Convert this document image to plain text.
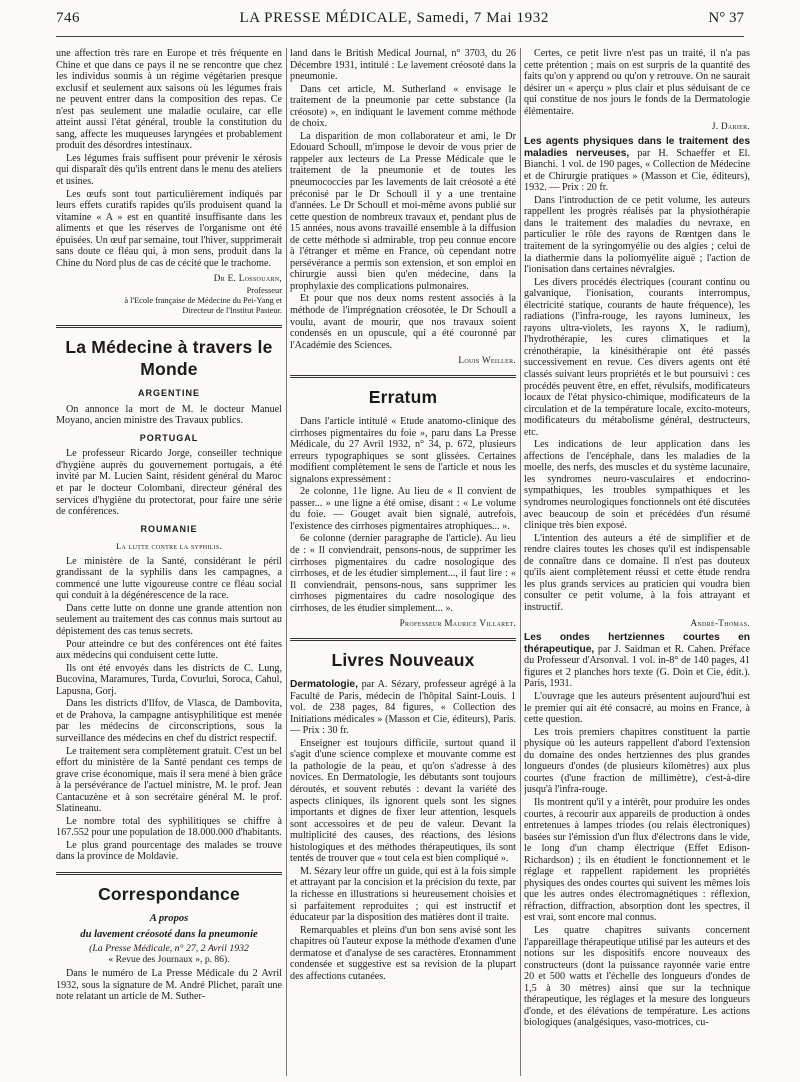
746	LA PRESSE MÉDICALE, Samedi, 7 Mai 1932	N° 37

une affection très rare en Europe et très fréquente en Chine et que dans ce pays il ne se rencontre que chez les individus soumis à un régime végétarien presque exclusif et seulement aux saisons où les légumes frais ne peuvent entrer dans la composition des repas. Ce n'est pas seulement une maladie oculaire, car elle atteint aussi l'état général, trouble la constitution du sang, affecte les muqueuses laryngées et probablement produit des désordres intestinaux.

Les légumes frais suffisent pour prévenir le xérosis qui disparaît dès qu'ils entrent dans le menu des ateliers et usines.

Les œufs sont tout particulièrement indiqués par leurs effets curatifs rapides qu'ils produisent quand la vitamine « A » est en quantité insuffisante dans les aliments et que les réserves de l'organisme ont été épuisées. Un œuf par semaine, tout l'hiver, supprimerait sans doute ce fléau qui, à mon sens, produit dans la Chine du Nord plus de cas de cécité que le trachome.

Dr E. Lossouarn,
Professeur
à l'Ecole française de Médecine du Pei-Yang et
Directeur de l'Institut Pasteur.
La Médecine à travers le Monde
ARGENTINE

On annonce la mort de M. le docteur Manuel Moyano, ancien ministre des Travaux publics.

PORTUGAL

Le professeur Ricardo Jorge, conseiller technique d'hygiène auprès du gouvernement portugais, a été invité par M. Lucien Saint, résident général du Maroc et par le docteur Colombani, directeur général des services d'hygiène du protectorat, pour faire une série de conférences.

ROUMANIE
La lutte contre la syphilis.

Le ministère de la Santé, considérant le péril grandissant de la syphilis dans les campagnes, a commencé une lutte vigoureuse contre ce fléau social qui conduit à la dégénérescence de la race.

Dans cette lutte on donne une grande attention non seulement au traitement des cas connus mais surtout au dépistement des cas tenus secrets.

Pour atteindre ce but des conférences ont été faites aux médecins qui conduisent cette lutte.

Ils ont été envoyés dans les districts de C. Lung, Bucovina, Maramures, Turda, Covurlui, Soroca, Cahul, Lapusna, Gorj.

Dans les districts d'Ilfov, de Vlasca, de Dambovita, et de Prahova, la campagne antisyphilitique est menée par les médecins de circonscriptions, sous la surveillance des médecins en chef du district respectif.

Le traitement sera complètement gratuit. C'est un bel effort du ministère de la Santé pendant ces temps de grave crise économique, mais il sera mené à bien grâce à la persévérance de l'actuel ministre, M. le prof. Jean Cantacuzène et à son secrétaire général M. le prof. Slatineanu.

Le nombre total des syphilitiques se chiffre à 167.552 pour une population de 18.000.000 d'habitants.

Le plus grand pourcentage des malades se trouve dans la province de Moldavie.

Correspondance
A propos
du lavement créosoté dans la pneumonie
(La Presse Médicale, n° 27, 2 Avril 1932
« Revue des Journaux », p. 86).

Dans le numéro de La Presse Médicale du 2 Avril 1932, sous la signature de M. André Plichet, paraît une note relatant un article de M. Suther-

land dans le British Medical Journal, n° 3703, du 26 Décembre 1931, intitulé : Le lavement créosoté dans la pneumonie.

Dans cet article, M. Sutherland « envisage le traitement de la pneumonie par cette substance (la créosote) », en indiquant le lavement comme méthode de choix.

La disparition de mon collaborateur et ami, le Dr Edouard Schoull, m'impose le devoir de vous prier de rappeler aux lecteurs de La Presse Médicale que le traitement de la pneumonie et de toutes les pneumococcies par les lavements de lait créosoté a été préconisé par le Dr Schoull il y a une trentaine d'années. Le Dr Schoull et moi-même avons publié sur cette question de nombreux travaux et, pendant plus de 15 années, nous avons travaillé ensemble à la diffusion de cette méthode si admirable, trop peu connue encore à l'étranger et même en France, où cependant notre persévérance a permis son extension, et son emploi en chirurgie aussi bien qu'en médecine, dans la prophylaxie des complications pulmonaires.

Et pour que nos deux noms restent associés à la méthode de l'imprégnation créosotée, le Dr Schoull a voulu, avant de mourir, que nos travaux soient condensés en un opuscule, qui a été couronné par l'Académie des Sciences.

Louis Weiller.
Erratum

Dans l'article intitulé « Etude anatomo-clinique des cirrhoses pigmentaires du foie », paru dans La Presse Médicale, du 27 Avril 1932, n° 34, p. 672, plusieurs erreurs typographiques se sont glissées. Certaines modifient complètement le sens de l'article et nous les signalons expressément :

2e colonne, 11e ligne. Au lieu de « Il convient de passer... » une ligne a été omise, disant : « Le volume du foie. — Gouget avait bien signalé, autrefois, l'existence des cirrhoses pigmentaires atrophiques... ».

6e colonne (dernier paragraphe de l'article). Au lieu de : « Il conviendrait, pensons-nous, de supprimer les cirrhoses pigmentaires du cadre nosologique des cirrhoses, et de les étudier simplement..., il faut lire : « Il conviendrait, pensons-nous, sans supprimer les cirrhoses pigmentaires du cadre nosologique des cirrhoses, de les étudier simplement... ».

Professeur Maurice Villaret.
Livres Nouveaux

Dermatologie, par A. Sézary, professeur agrégé à la Faculté de Paris, médecin de l'hôpital Saint-Louis. 1 vol. de 238 pages, 84 figures, « Collection des Initiations médicales » (Masson et Cie, éditeurs), Paris. — Prix : 30 fr.

Enseigner est toujours difficile, surtout quand il s'agit d'une science complexe et mouvante comme est la pathologie de la peau, et qu'on s'adresse à des novices. En Dermatologie, les débutants sont toujours déroutés, et souvent rebutés : devant la variété des aspects cliniques, ils ignorent quels sont les signes importants et dignes de fixer leur attention, lesquels sont accessoires et de peu de valeur. Devant la multiplicité des causes, des réactions, des lésions histologiques et des méthodes thérapeutiques, ils sont tentés de trouver que « tout cela est bien compliqué ».

M. Sézary leur offre un guide, qui est à la fois simple et attrayant par la concision et la précision du texte, par la richesse en illustrations si heureusement choisies et si parfaitement reproduites ; qui est instructif et éducateur par la disposition des matières dont il traite.

Remarquables et pleins d'un bon sens avisé sont les chapitres où l'auteur expose la méthode d'examen d'une dermatose et d'analyse de ses caractères. Etonnamment condensée et suggestive est sa revision de la plupart des affections cutanées.

Certes, ce petit livre n'est pas un traité, il n'a pas cette prétention ; mais on est surpris de la quantité des faits qu'on y apprend ou qu'on y retrouve. On ne saurait désirer un « aperçu » plus clair et plus séduisant de ce qui constitue de nos jours le fonds de la Dermatologie élémentaire.

J. Darier.

Les agents physiques dans le traitement des maladies nerveuses, par H. Schaeffer et El. Bianchi. 1 vol. de 190 pages, « Collection de Médecine et de Chirurgie pratiques » (Masson et Cie, éditeurs), 1932. — Prix : 20 fr.

Dans l'introduction de ce petit volume, les auteurs rappellent les progrès réalisés par la physiothérapie dans le traitement des maladies du nevraxe, en particulier le rôle des rayons de Rœntgen dans le traitement de la syringomyélie ou des algies ; celui de la diathermie dans la poliomyélite aiguë ; l'action de l'ionisation dans certaines névralgies.

Les divers procédés électriques (courant continu ou galvanique, l'ionisation, courants interrompus, électricité statique, courants de haute fréquence), les radiations (l'infra-rouge, les rayons lumineux, les rayons ultra-violets, les rayons X, le radium), l'hydrothérapie, les cures climatiques et la crénothérapie, la kinésithérapie ont été passés successivement en revue. Ces divers agents ont été classés suivant leurs propriétés et le but poursuivi : ces procédés peuvent être, en effet, révulsifs, modificateurs locaux de l'état physico-chimique, modificateurs de la circulation et de la température locale, excito-moteurs, modificateurs du métabolisme général, destructeurs, etc.

Les indications de leur application dans les affections de l'encéphale, dans les maladies de la moelle, des nerfs, des muscles et du système lacunaire, les syndromes neuro-vasculaires et endocrino-sympathiques, les troubles sympathiques et les syndromes neurologiques fonctionnels ont été discutées avec beaucoup de soin et précédées d'un résumé clinique très bien exposé.

L'intention des auteurs a été de simplifier et de rendre claires toutes les choses qu'il est indispensable de connaître dans ce domaine. Il n'est pas douteux qu'ils aient complètement réussi et cette étude rendra les plus grands services au praticien qui voudra bien consulter ce petit volume, à la fois attrayant et instructif.

André-Thomas.

Les ondes hertziennes courtes en thérapeutique, par J. Saidman et R. Cahen. Préface du Professeur d'Arsonval. 1 vol. in-8° de 140 pages, 41 figures et 2 planches hors texte (G. Doin et Cie, édit.). Paris, 1931.

L'ouvrage que les auteurs présentent aujourd'hui est le premier qui ait été consacré, au moins en France, à cette question.

Les trois premiers chapitres constituent la partie physique où les auteurs rappellent d'abord l'extension du domaine des ondes hertziennes des plus grandes longueurs d'ondes (de plusieurs kilomètres) aux plus courtes (d'une fraction de millimètre), c'est-à-dire jusqu'à l'infra-rouge.

Ils montrent qu'il y a intérêt, pour produire les ondes courtes, à recourir aux appareils de production à ondes entretenues à lampes triodes (ou relais électroniques) basées sur l'émission d'un flux d'électrons dans le vide, le long d'un champ électrique (Effet Edison-Richardson) ; ils en étudient le fonctionnement et le réglage et rappellent rapidement les propriétés physiques des ondes courtes qui suivent les mêmes lois que les autres ondes électromagnétiques : réflexion, réfraction, diffraction, absorption dont les spectres, il est vrai, sont encore mal connus.

Les quatre chapitres suivants concernent l'appareillage thérapeutique utilisé par les auteurs et des notions sur les dispositifs encore nouveaux des constructeurs (dont la puissance rayonnée varie entre 20 et 500 watts et l'échelle des longueurs d'ondes de 1,5 à 30 mètres) ainsi que sur la technique thérapeutique, les réglages et la mesure des longueurs d'onde, et des élévations de température. Les actions biologiques (analgésiques, vaso-motrices, cu-
